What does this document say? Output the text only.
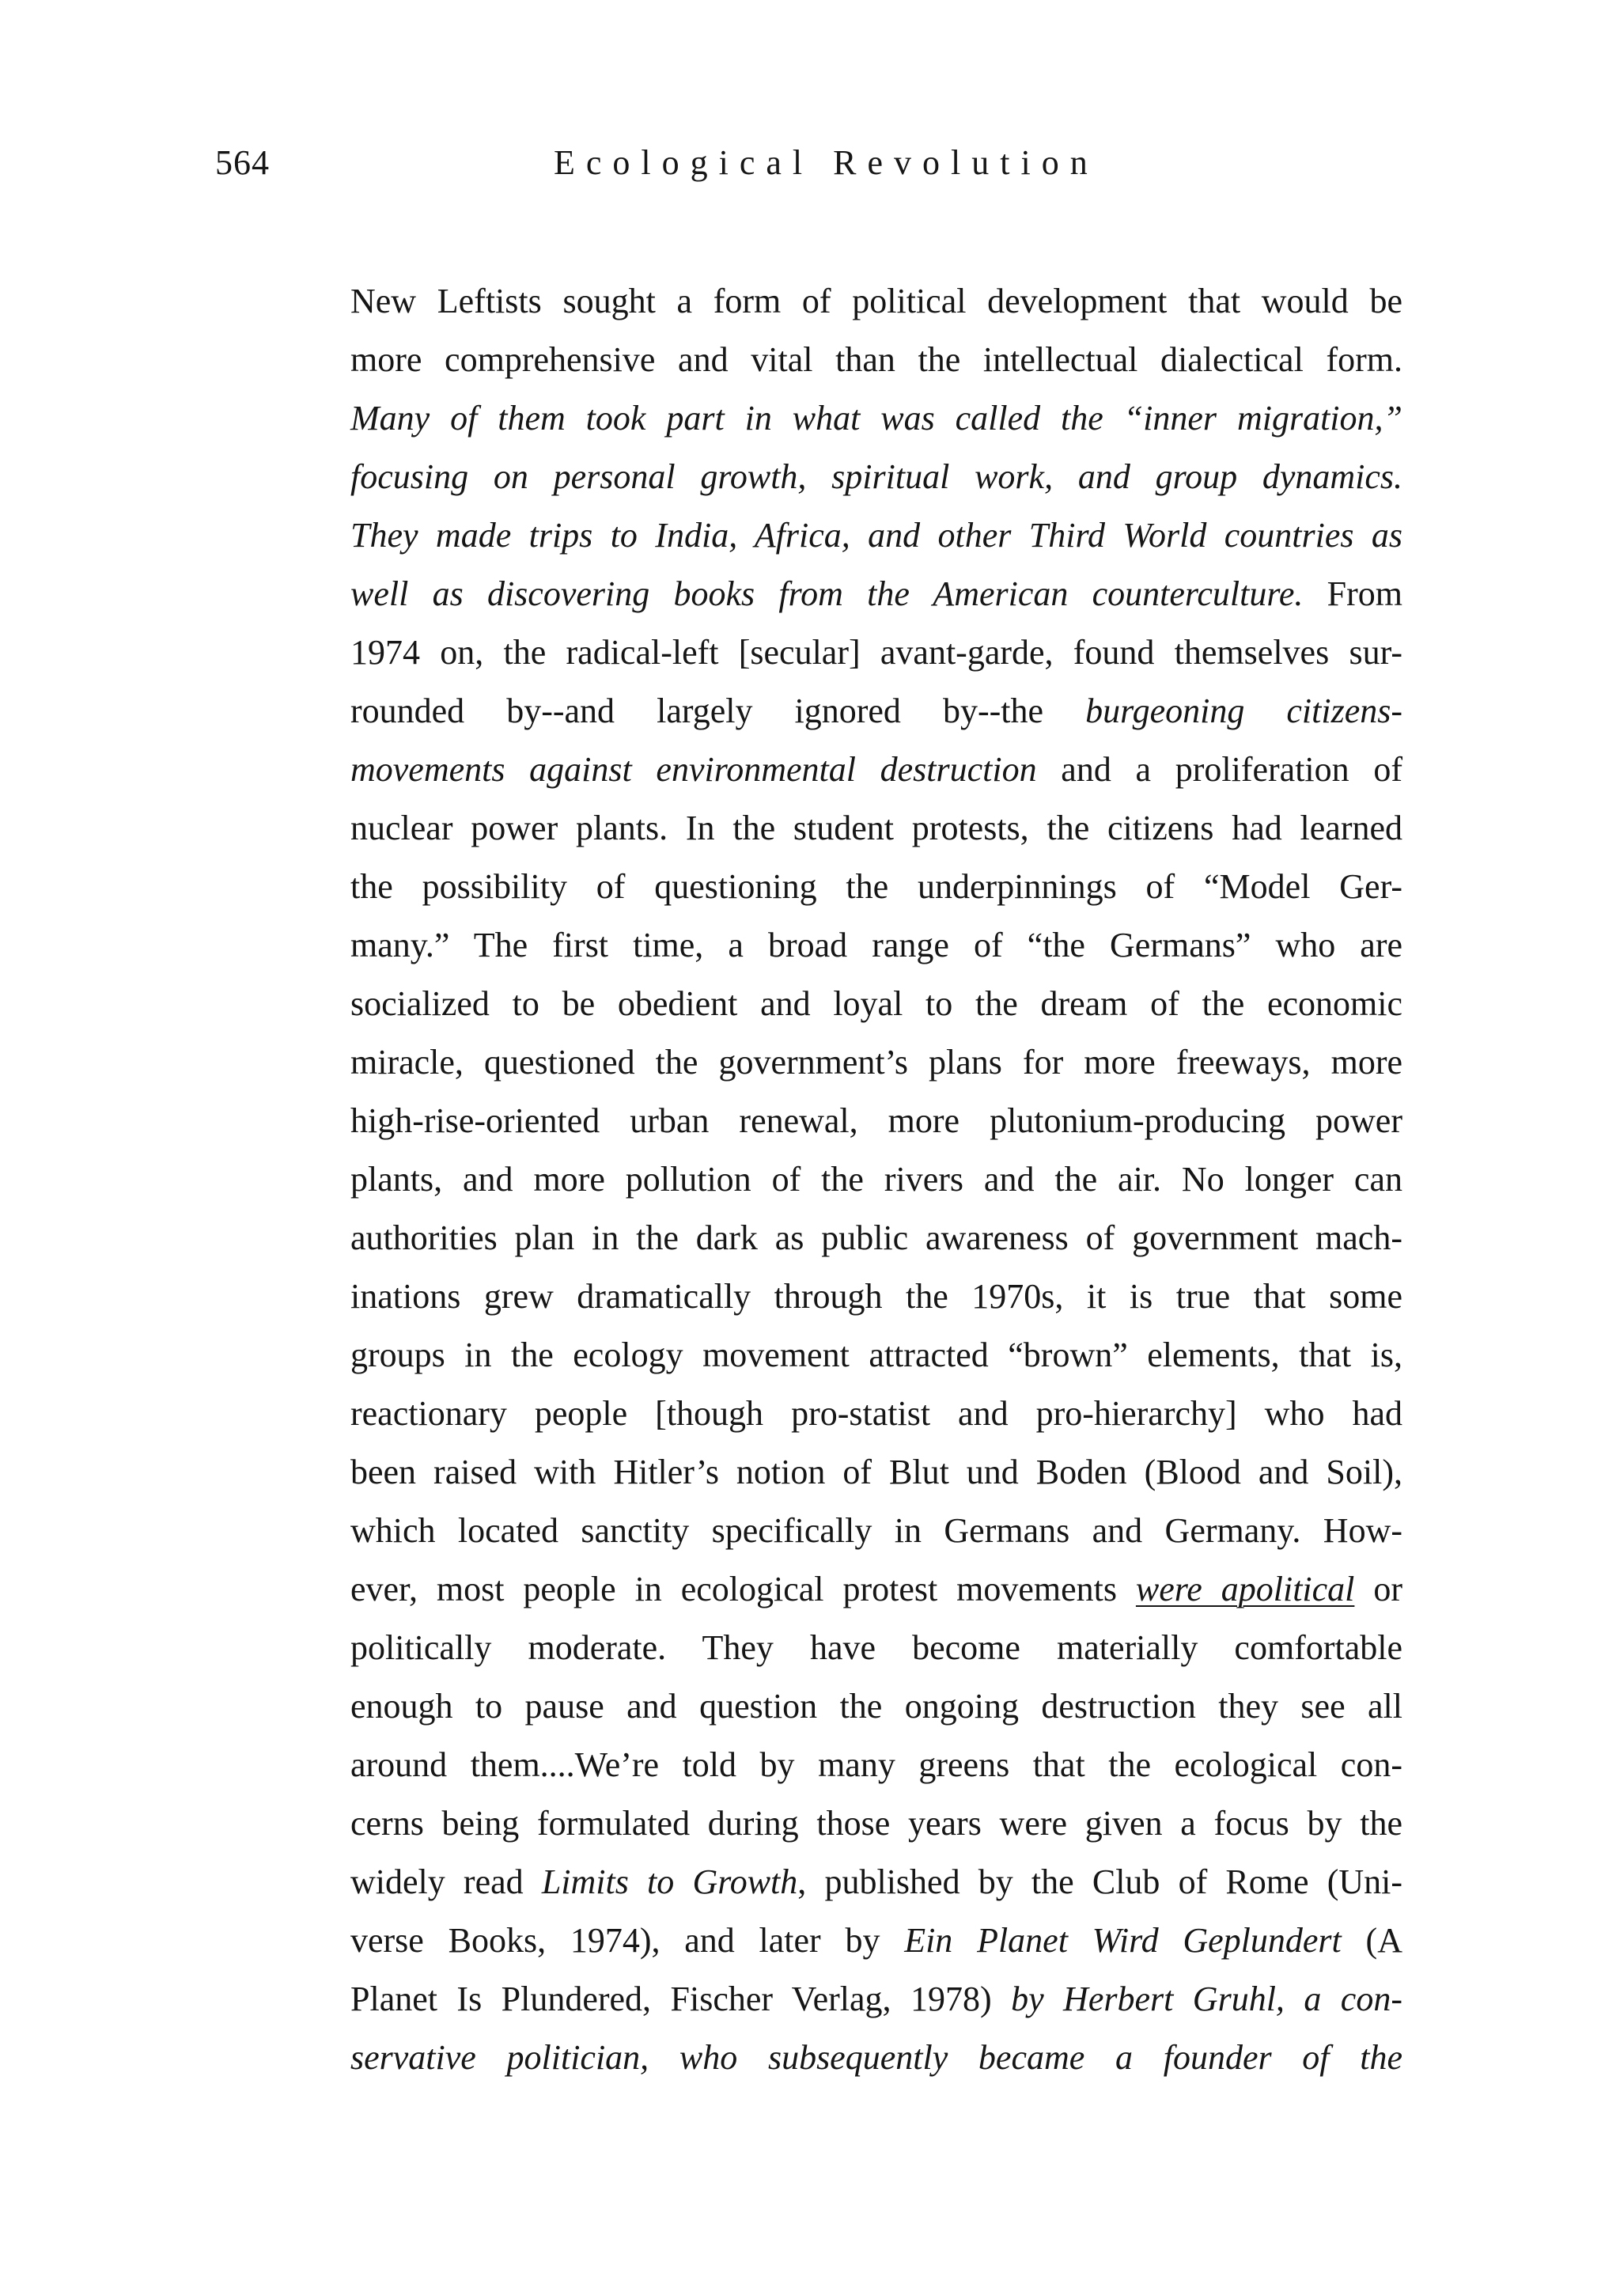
564	Ecological Revolution
New Leftists sought a form of political development that would be
more comprehensive and vital than the intellectual dialectical form.
Many of them took part in what was called the “inner migration,”
focusing on personal growth, spiritual work, and group dynamics.
They made trips to India, Africa, and other Third World countries as
well as discovering books from the American counterculture. From
1974 on, the radical-left [secular] avant-garde, found themselves sur-
rounded by--and largely ignored by--the burgeoning citizens-
movements against environmental destruction and a proliferation of
nuclear power plants. In the student protests, the citizens had learned
the possibility of questioning the underpinnings of “Model Ger-
many.” The first time, a broad range of “the Germans” who are
socialized to be obedient and loyal to the dream of the economic
miracle, questioned the government’s plans for more freeways, more
high-rise-oriented urban renewal, more plutonium-producing power
plants, and more pollution of the rivers and the air. No longer can
authorities plan in the dark as public awareness of government mach-
inations grew dramatically through the 1970s, it is true that some
groups in the ecology movement attracted “brown” elements, that is,
reactionary people [though pro-statist and pro-hierarchy] who had
been raised with Hitler’s notion of Blut und Boden (Blood and Soil),
which located sanctity specifically in Germans and Germany. How-
ever, most people in ecological protest movements were apolitical or
politically moderate. They have become materially comfortable
enough to pause and question the ongoing destruction they see all
around them....We’re told by many greens that the ecological con-
cerns being formulated during those years were given a focus by the
widely read Limits to Growth, published by the Club of Rome (Uni-
verse Books, 1974), and later by Ein Planet Wird Geplundert (A
Planet Is Plundered, Fischer Verlag, 1978) by Herbert Gruhl, a con-
servative politician, who subsequently became a founder of the
